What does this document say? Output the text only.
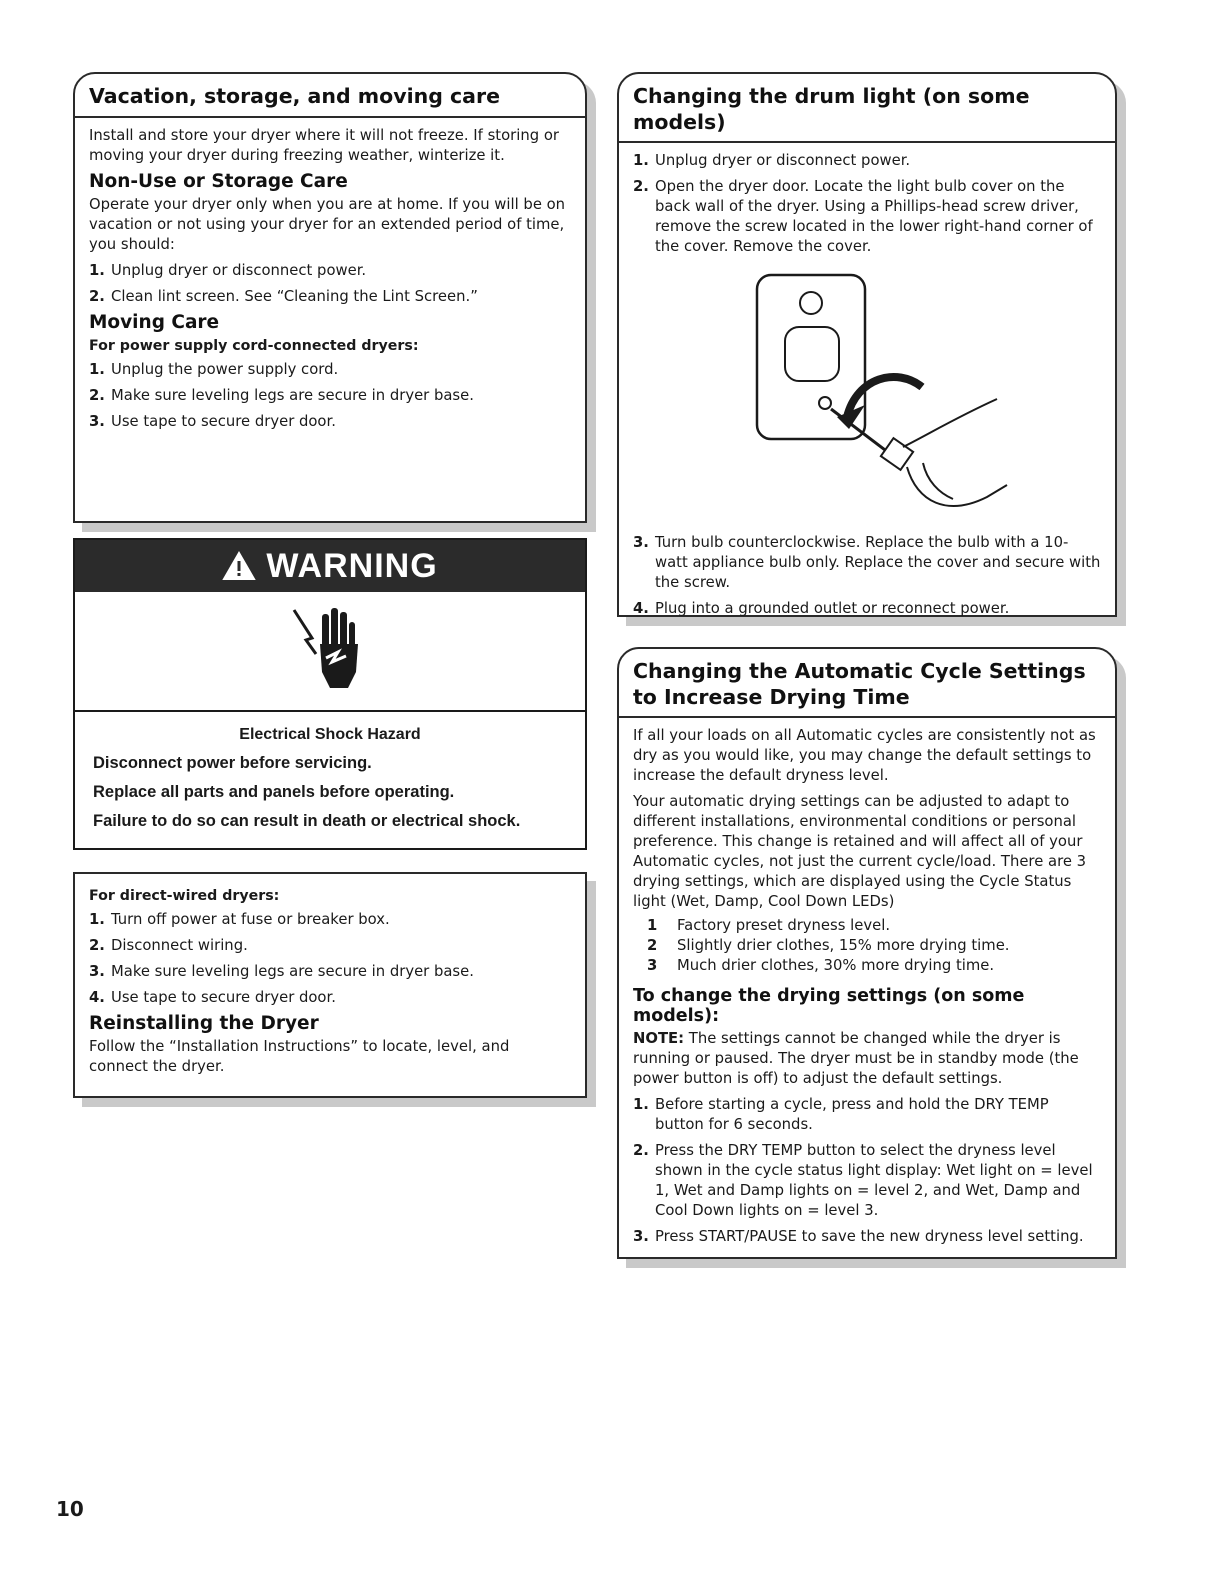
Vacation, storage, and moving care

Install and store your dryer where it will not freeze. If storing or moving your dryer during freezing weather, winterize it.

Non-Use or Storage Care

Operate your dryer only when you are at home. If you will be on vacation or not using your dryer for an extended period of time, you should:

1. Unplug dryer or disconnect power.
2. Clean lint screen. See “Cleaning the Lint Screen.”
Moving Care
For power supply cord-connected dryers:
1. Unplug the power supply cord.
2. Make sure leveling legs are secure in dryer base.
3. Use tape to secure dryer door.
WARNING
Electrical Shock Hazard
Disconnect power before servicing.
Replace all parts and panels before operating.
Failure to do so can result in death or electrical shock.
For direct-wired dryers:
1. Turn off power at fuse or breaker box.
2. Disconnect wiring.
3. Make sure leveling legs are secure in dryer base.
4. Use tape to secure dryer door.
Reinstalling the Dryer

Follow the “Installation Instructions” to locate, level, and connect the dryer.

Changing the drum light (on some models)
1. Unplug dryer or disconnect power.
2. Open the dryer door. Locate the light bulb cover on the back wall of the dryer. Using a Phillips-head screw driver, remove the screw located in the lower right-hand corner of the cover. Remove the cover.
3. Turn bulb counterclockwise. Replace the bulb with a 10-watt appliance bulb only. Replace the cover and secure with the screw.
4. Plug into a grounded outlet or reconnect power.
Changing the Automatic Cycle Settings
to Increase Drying Time

If all your loads on all Automatic cycles are consistently not as dry as you would like, you may change the default settings to increase the default dryness level.

Your automatic drying settings can be adjusted to adapt to different installations, environmental conditions or personal preference. This change is retained and will affect all of your Automatic cycles, not just the current cycle/load. There are 3 drying settings, which are displayed using the Cycle Status light (Wet, Damp, Cool Down LEDs)

1	Factory preset dryness level.
2	Slightly drier clothes, 15% more drying time.
3	Much drier clothes, 30% more drying time.
To change the drying settings (on some models):

NOTE: The settings cannot be changed while the dryer is running or paused. The dryer must be in standby mode (the power button is off) to adjust the default settings.

1. Before starting a cycle, press and hold the DRY TEMP button for 6 seconds.
2. Press the DRY TEMP button to select the dryness level shown in the cycle status light display: Wet light on = level 1, Wet and Damp lights on = level 2, and Wet, Damp and Cool Down lights on = level 3.
3. Press START/PAUSE to save the new dryness level setting.
10
